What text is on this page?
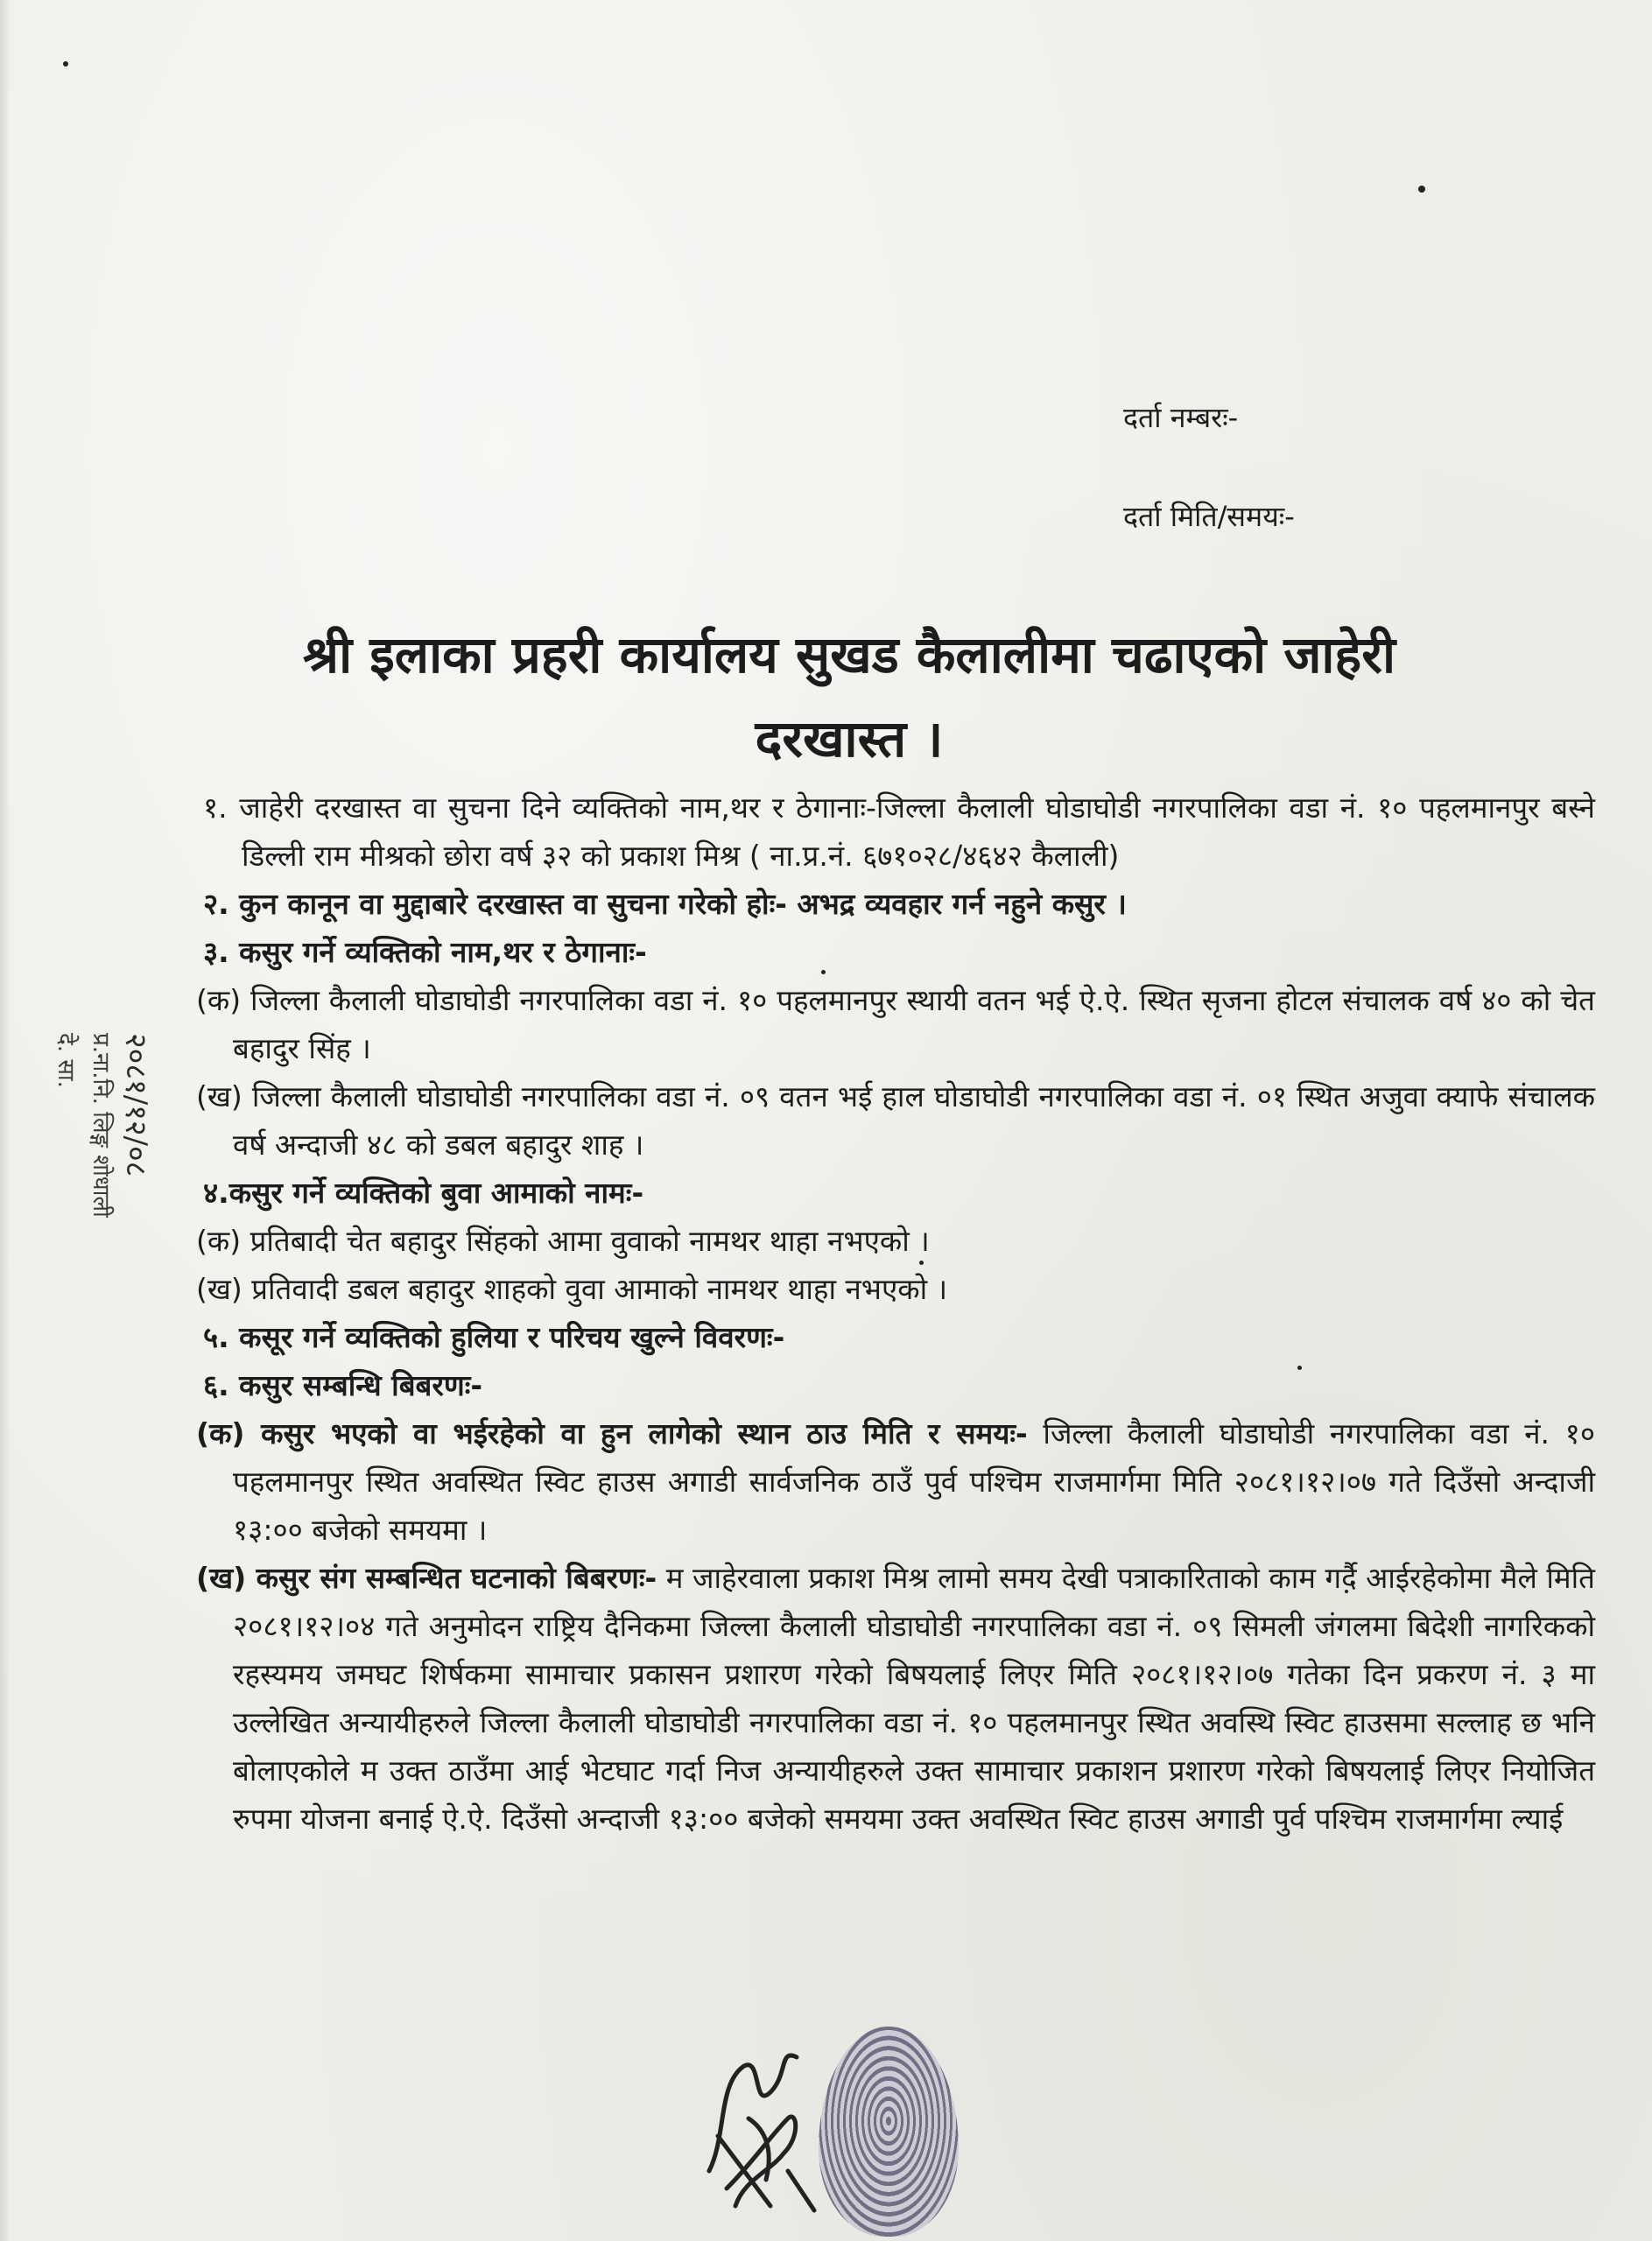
दर्ता नम्बरः-
दर्ता मिति/समयः-
श्री इलाका प्रहरी कार्यालय सुखड कैलालीमा चढाएको जाहेरी
दरखास्त ।

१. जाहेरी दरखास्त वा सुचना दिने व्यक्तिको नाम,थर र ठेगानाः-जिल्ला कैलाली घोडाघोडी नगरपालिका वडा नं. १० पहलमानपुर बस्ने डिल्ली राम मीश्रको छोरा वर्ष ३२ को प्रकाश मिश्र ( ना.प्र.नं. ६७१०२८/४६४२ कैलाली)

२. कुन कानून वा मुद्दाबारे दरखास्त वा सुचना गरेको होः- अभद्र व्यवहार गर्न नहुने कसुर ।

३. कसुर गर्ने व्यक्तिको नाम,थर र ठेगानाः-

(क) जिल्ला कैलाली घोडाघोडी नगरपालिका वडा नं. १० पहलमानपुर स्थायी वतन भई ऐ.ऐ. स्थित सृजना होटल संचालक वर्ष ४० को चेत बहादुर सिंह ।

(ख) जिल्ला कैलाली घोडाघोडी नगरपालिका वडा नं. ०९ वतन भई हाल घोडाघोडी नगरपालिका वडा नं. ०१ स्थित अजुवा क्याफे संचालक वर्ष अन्दाजी ४८ को डबल बहादुर शाह ।

४.कसुर गर्ने व्यक्तिको बुवा आमाको नामः-

(क) प्रतिबादी चेत बहादुर सिंहको आमा वुवाको नामथर थाहा नभएको ।

(ख) प्रतिवादी डबल बहादुर शाहको वुवा आमाको नामथर थाहा नभएको ।

५. कसूर गर्ने व्यक्तिको हुलिया र परिचय खुल्ने विवरणः-

६. कसुर सम्बन्धि बिबरणः-

(क) कसुर भएको वा भईरहेको वा हुन लागेको स्थान ठाउ मिति र समयः- जिल्ला कैलाली घोडाघोडी नगरपालिका वडा नं. १० पहलमानपुर स्थित अवस्थित स्विट हाउस अगाडी सार्वजनिक ठाउँ पुर्व पश्चिम राजमार्गमा मिति २०८१।१२।०७ गते दिउँसो अन्दाजी १३:०० बजेको समयमा ।

(ख) कसुर संग सम्बन्धित घटनाको बिबरणः- म जाहेरवाला प्रकाश मिश्र लामो समय देखी पत्राकारिताको काम गर्दै आईरहेकोमा मैले मिति २०८१।१२।०४ गते अनुमोदन राष्ट्रिय दैनिकमा जिल्ला कैलाली घोडाघोडी नगरपालिका वडा नं. ०९ सिमली जंगलमा बिदेशी नागरिकको रहस्यमय जमघट शिर्षकमा सामाचार प्रकासन प्रशारण गरेको बिषयलाई लिएर मिति २०८१।१२।०७ गतेका दिन प्रकरण नं. ३ मा उल्लेखित अन्यायीहरुले जिल्ला कैलाली घोडाघोडी नगरपालिका वडा नं. १० पहलमानपुर स्थित अवस्थि स्विट हाउसमा सल्लाह छ भनि बोलाएकोले म उक्त ठाउँमा आई भेटघाट गर्दा निज अन्यायीहरुले उक्त सामाचार प्रकाशन प्रशारण गरेको बिषयलाई लिएर नियोजित रुपमा योजना बनाई ऐ.ऐ. दिउँसो अन्दाजी १३:०० बजेको समयमा उक्त अवस्थित स्विट हाउस अगाडी पुर्व पश्चिम राजमार्गमा ल्याई

२०८१/१२/०८
प्र.ना.नि. लिङ्ग शोधाली
दे. सा.
